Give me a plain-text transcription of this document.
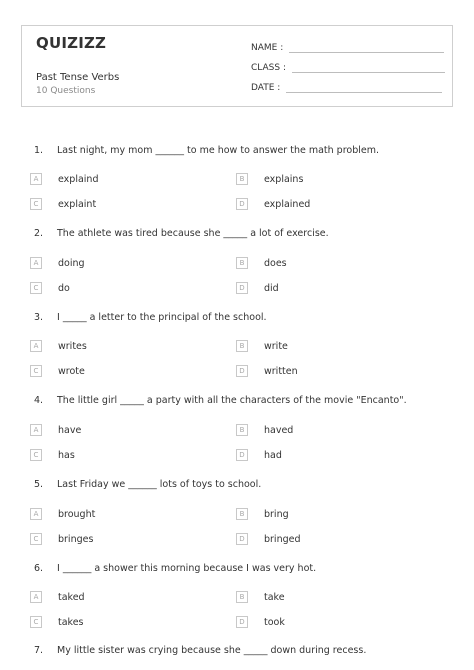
QUIZIZZ
Past Tense Verbs
10 Questions
NAME :
CLASS :
DATE :
1. Last night, my mom ______ to me how to answer the math problem.
A	explaind	B	explains
C	explaint	D	explained
2. The athlete was tired because she _____ a lot of exercise.
A	doing	B	does
C	do	D	did
3. I _____ a letter to the principal of the school.
A	writes	B	write
C	wrote	D	written
4. The little girl _____ a party with all the characters of the movie "Encanto".
A	have	B	haved
C	has	D	had
5. Last Friday we ______ lots of toys to school.
A	brought	B	bring
C	bringes	D	bringed
6. I ______ a shower this morning because I was very hot.
A	taked	B	take
C	takes	D	took
7. My little sister was crying because she _____ down during recess.
